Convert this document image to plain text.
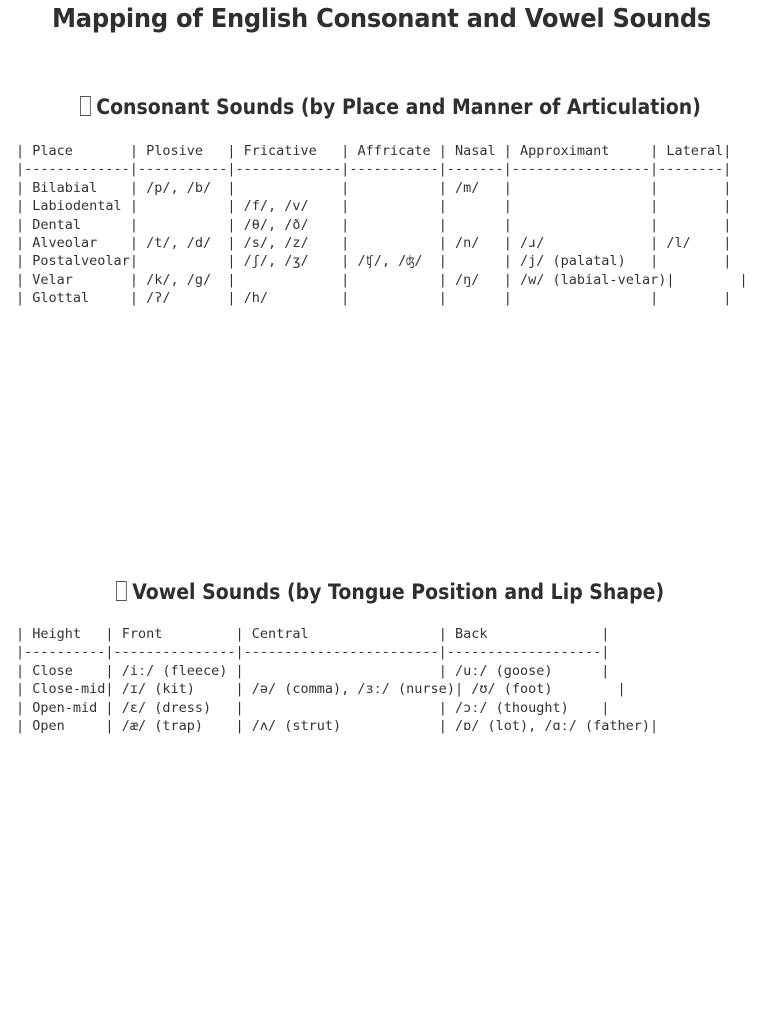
Mapping of English Consonant and Vowel Sounds
Consonant Sounds (by Place and Manner of Articulation)
| Place       | Plosive   | Fricative   | Affricate | Nasal | Approximant     | Lateral|
|-------------|-----------|-------------|-----------|-------|-----------------|--------|
| Bilabial    | /p/, /b/  |	|	| /m/   |	|	|
| Labiodental |	| /f/, /v/    |	|	|	|	|
| Dental      |	| /θ/, /ð/    |	|	|	|	|
| Alveolar    | /t/, /d/  | /s/, /z/    |	| /n/   | /ɹ/             | /l/    |
| Postalveolar|	| /ʃ/, /ʒ/    | /ʧ/, /ʤ/  |	| /j/ (palatal)   |	|
| Velar       | /k/, /g/  |	|	| /ŋ/   | /w/ (labial-velar)|	|
| Glottal     | /ʔ/       | /h/         |	|	|	|	|
Vowel Sounds (by Tongue Position and Lip Shape)
| Height   | Front         | Central                | Back              |
|----------|---------------|------------------------|-------------------|
| Close    | /iː/ (fleece) |	| /uː/ (goose)      |
| Close-mid| /ɪ/ (kit)     | /ə/ (comma), /ɜː/ (nurse)| /ʊ/ (foot)        |
| Open-mid | /ɛ/ (dress)   |	| /ɔː/ (thought)    |
| Open     | /æ/ (trap)    | /ʌ/ (strut)            | /ɒ/ (lot), /ɑː/ (father)|
